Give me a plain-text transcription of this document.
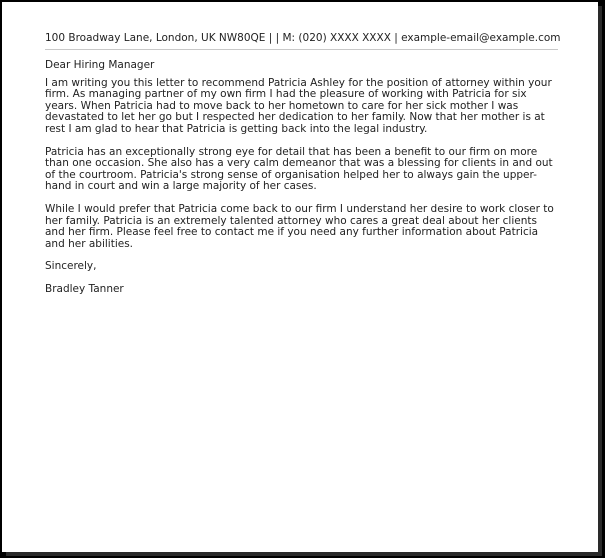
100 Broadway Lane, London, UK NW80QE | | M: (020) XXXX XXXX | example-email@example.com

Dear Hiring Manager

I am writing you this letter to recommend Patricia Ashley for the position of attorney within your firm. As managing partner of my own firm I had the pleasure of working with Patricia for six years. When Patricia had to move back to her hometown to care for her sick mother I was devastated to let her go but I respected her dedication to her family. Now that her mother is at rest I am glad to hear that Patricia is getting back into the legal industry.

Patricia has an exceptionally strong eye for detail that has been a benefit to our firm on more than one occasion. She also has a very calm demeanor that was a blessing for clients in and out of the courtroom. Patricia's strong sense of organisation helped her to always gain the upper-hand in court and win a large majority of her cases.

While I would prefer that Patricia come back to our firm I understand her desire to work closer to her family. Patricia is an extremely talented attorney who cares a great deal about her clients and her firm. Please feel free to contact me if you need any further information about Patricia and her abilities.

Sincerely,

Bradley Tanner
